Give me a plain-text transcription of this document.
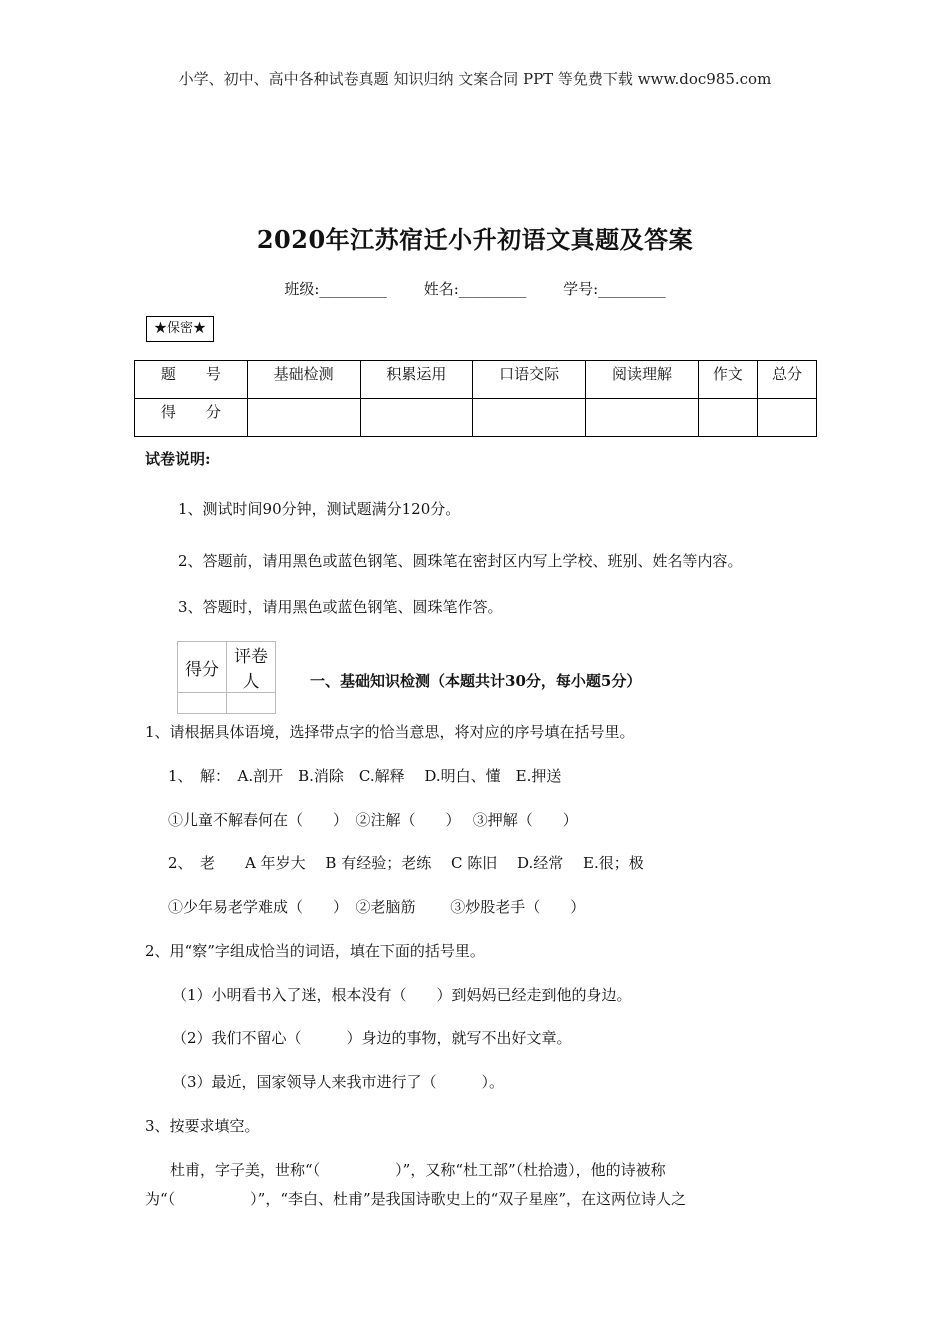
小学、初中、高中各种试卷真题 知识归纳 文案合同 PPT 等免费下载 www.doc985.com
2020年江苏宿迁小升初语文真题及答案
班级:_________ 姓名:_________ 学号:_________
★保密★
题　　号	基础检测	积累运用	口语交际	阅读理解	作文	总分
得　　分						
试卷说明:
1、测试时间90分钟，测试题满分120分。
2、答题前，请用黑色或蓝色钢笔、圆珠笔在密封区内写上学校、班别、姓名等内容。
3、答题时，请用黑色或蓝色钢笔、圆珠笔作答。
得分	评卷人
		一、基础知识检测（本题共计30分，每小题5分）
1、请根据具体语境，选择带点字的恰当意思，将对应的序号填在括号里。
1、　解：　A.剖开　B.消除　C.解释　 D.明白、懂　E.押送
①儿童不解春何在（　　）　②注解（　　）　 ③押解（　　）
2、　老　　A 年岁大　 B 有经验；老练　 C 陈旧　 D.经常　 E.很；极
①少年易老学难成（　　）　②老脑筋　　 ③炒股老手（　　）
2、用“察”字组成恰当的词语，填在下面的括号里。
（1）小明看书入了迷，根本没有（　　）到妈妈已经走到他的身边。
（2）我们不留心（　　　）身边的事物，就写不出好文章。
（3）最近，国家领导人来我市进行了（　　　）。
3、按要求填空。
杜甫，字子美，世称“（　　　　　）”，又称“杜工部”（杜拾遗），他的诗被称
为“（　　　　　）”，“李白、杜甫”是我国诗歌史上的“双子星座”，在这两位诗人之
